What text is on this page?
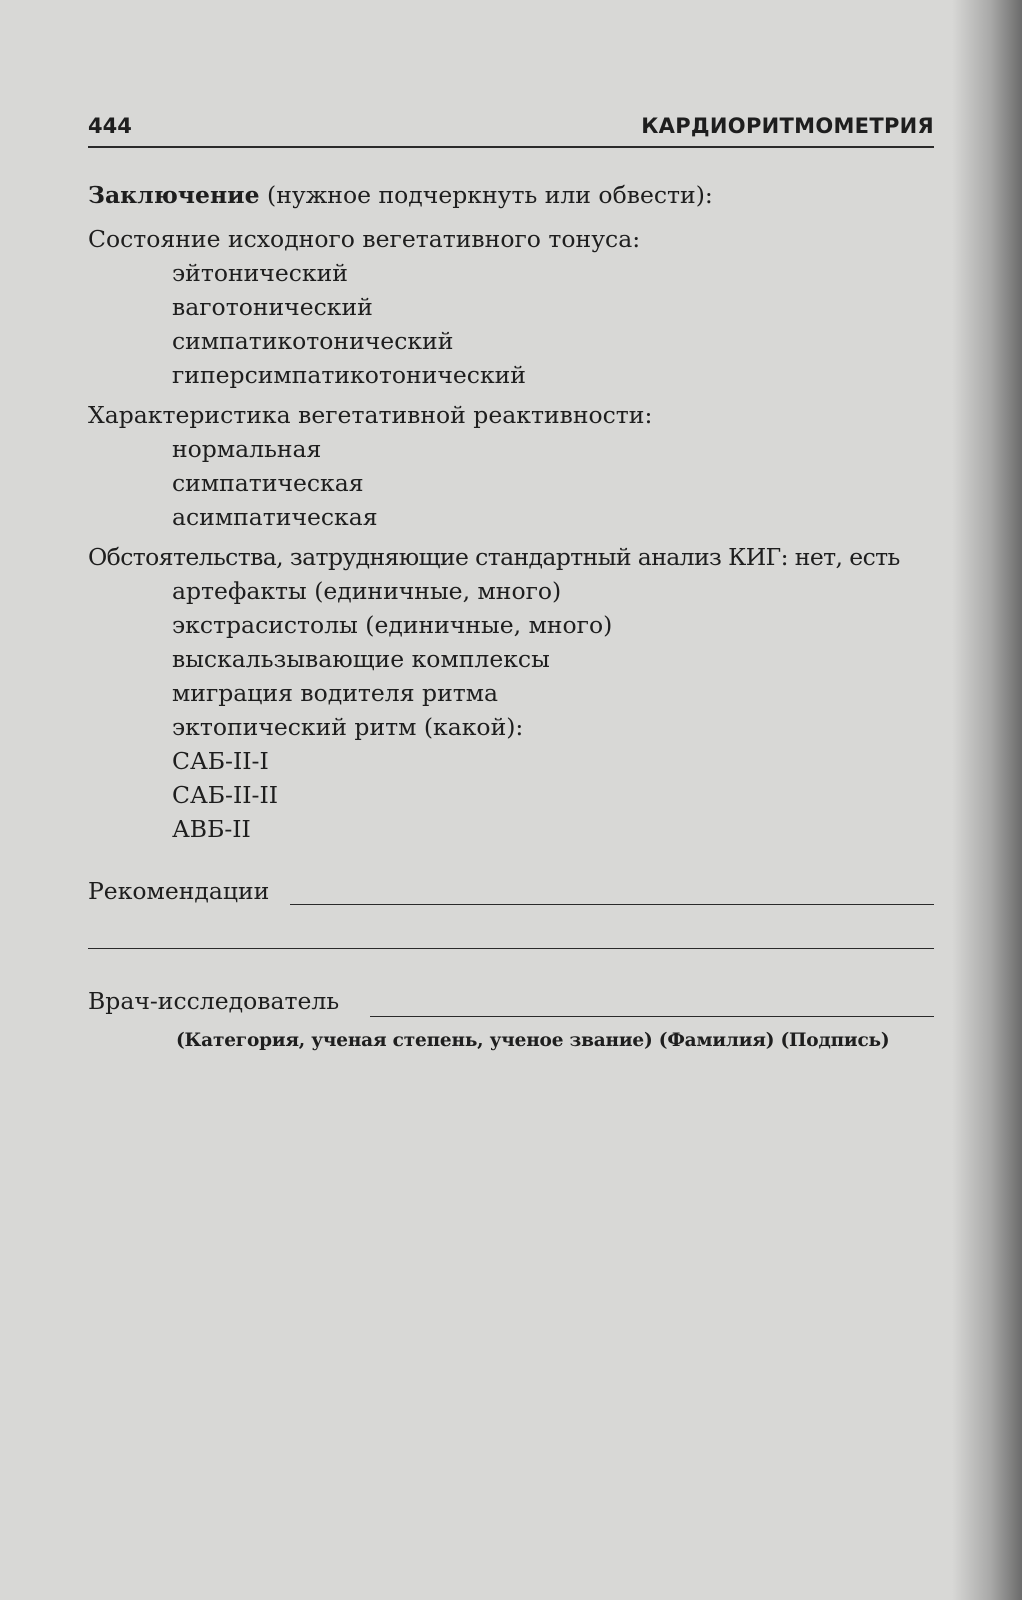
444	КАРДИОРИТМОМЕТРИЯ
Заключение (нужное подчеркнуть или обвести):
Состояние исходного вегетативного тонуса:
эйтонический
ваготонический
симпатикотонический
гиперсимпатикотонический
Характеристика вегетативной реактивности:
нормальная
симпатическая
асимпатическая
Обстоятельства, затрудняющие стандартный анализ КИГ: нет, есть
артефакты (единичные, много)
экстрасистолы (единичные, много)
выскальзывающие комплексы
миграция водителя ритма
эктопический ритм (какой):
САБ-II-I
САБ-II-II
АВБ-II
Рекомендации
Врач-исследователь
(Категория, ученая степень, ученое звание) (Фамилия) (Подпись)
